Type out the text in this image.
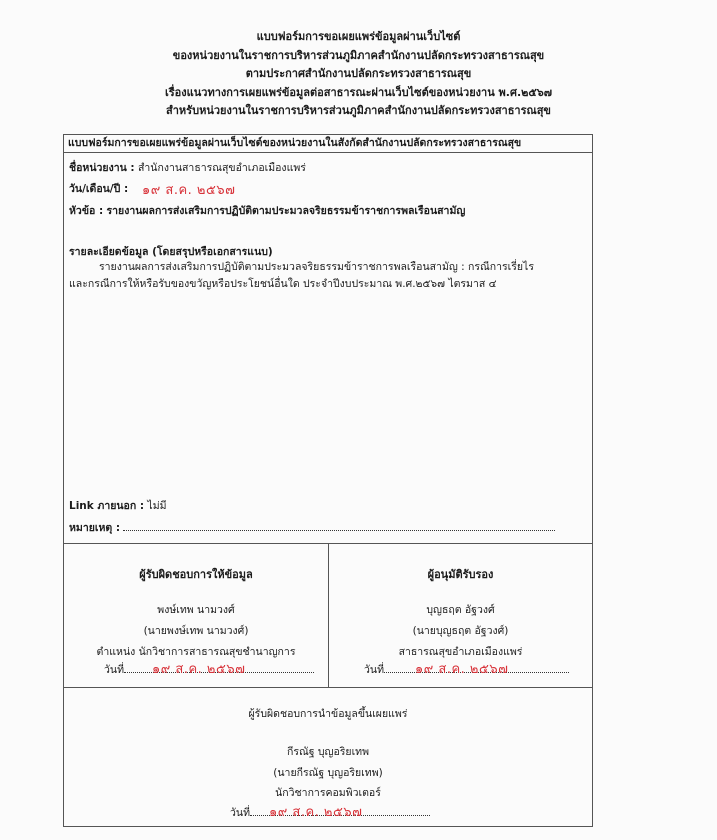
แบบฟอร์มการขอเผยแพร่ข้อมูลผ่านเว็บไซต์
ของหน่วยงานในราชการบริหารส่วนภูมิภาคสำนักงานปลัดกระทรวงสาธารณสุข
ตามประกาศสำนักงานปลัดกระทรวงสาธารณสุข
เรื่องแนวทางการเผยแพร่ข้อมูลต่อสาธารณะผ่านเว็บไซต์ของหน่วยงาน พ.ศ.๒๕๖๗
สำหรับหน่วยงานในราชการบริหารส่วนภูมิภาคสำนักงานปลัดกระทรวงสาธารณสุข
แบบฟอร์มการขอเผยแพร่ข้อมูลผ่านเว็บไซต์ของหน่วยงานในสังกัดสำนักงานปลัดกระทรวงสาธารณสุข
ชื่อหน่วยงาน : สำนักงานสาธารณสุขอำเภอเมืองแพร่
วัน/เดือน/ปี : ๑๙ ส.ค. ๒๕๖๗
หัวข้อ : รายงานผลการส่งเสริมการปฏิบัติตามประมวลจริยธรรมข้าราชการพลเรือนสามัญ
รายละเอียดข้อมูล (โดยสรุปหรือเอกสารแนบ)
รายงานผลการส่งเสริมการปฏิบัติตามประมวลจริยธรรมข้าราชการพลเรือนสามัญ : กรณีการเรี่ยไร
และกรณีการให้หรือรับของขวัญหรือประโยชน์อื่นใด ประจำปีงบประมาณ พ.ศ.๒๕๖๗ ไตรมาส ๔
Link ภายนอก : ไม่มี
หมายเหตุ :
ผู้รับผิดชอบการให้ข้อมูล
พงษ์เทพ นามวงศ์
(นายพงษ์เทพ นามวงศ์)
ตำแหน่ง นักวิชาการสาธารณสุขชำนาญการ
วันที่	๑๙ ส.ค. ๒๕๖๗
ผู้อนุมัติรับรอง
บุญธฤต อัฐวงศ์
(นายบุญธฤต อัฐวงศ์)
สาธารณสุขอำเภอเมืองแพร่
วันที่	๑๙ ส.ค. ๒๕๖๗
ผู้รับผิดชอบการนำข้อมูลขึ้นเผยแพร่
กีรณัฐ บุญอริยเทพ
(นายกีรณัฐ บุญอริยเทพ)
นักวิชาการคอมพิวเตอร์
วันที่	๑๙ ส.ค. ๒๕๖๗
